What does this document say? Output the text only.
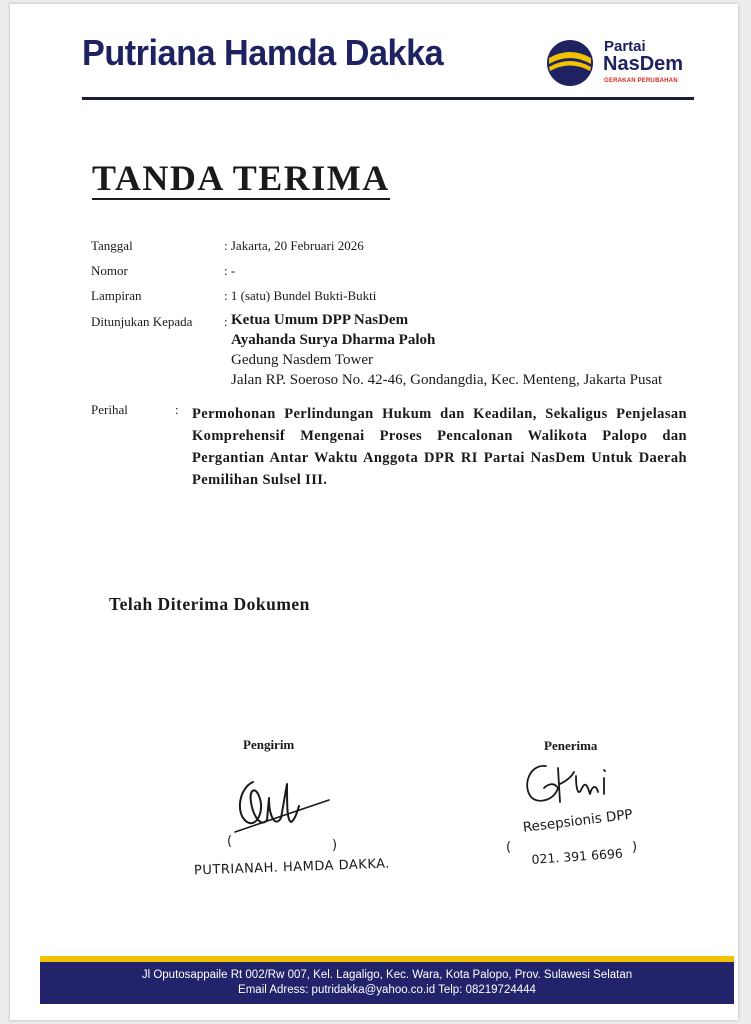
Putriana Hamda Dakka	Partai
NasDem
GERAKAN PERUBAHAN
TANDA TERIMA
Tanggal	: Jakarta, 20 Februari 2026
Nomor	: -
Lampiran	: 1 (satu) Bundel Bukti-Bukti
Ditunjukan Kepada : Ketua Umum DPP NasDem
Ayahanda Surya Dharma Paloh
Gedung Nasdem Tower
Jalan RP. Soeroso No. 42-46, Gondangdia, Kec. Menteng, Jakarta Pusat
Perihal	: Permohonan Perlindungan Hukum dan Keadilan, Sekaligus Penjelasan Komprehensif Mengenai Proses Pencalonan Walikota Palopo dan Pergantian Antar Waktu Anggota DPR RI Partai NasDem Untuk Daerah Pemilihan Sulsel III.
Telah Diterima Dokumen
Pengirim
(	)
PUTRIANAH. HAMDA DAKKA.
Penerima
Resepsionis DPP
( 021. 391 6696 )
Jl Oputosappaile Rt 002/Rw 007, Kel. Lagaligo, Kec. Wara, Kota Palopo, Prov. Sulawesi Selatan
Email Adress: putridakka@yahoo.co.id Telp: 08219724444
